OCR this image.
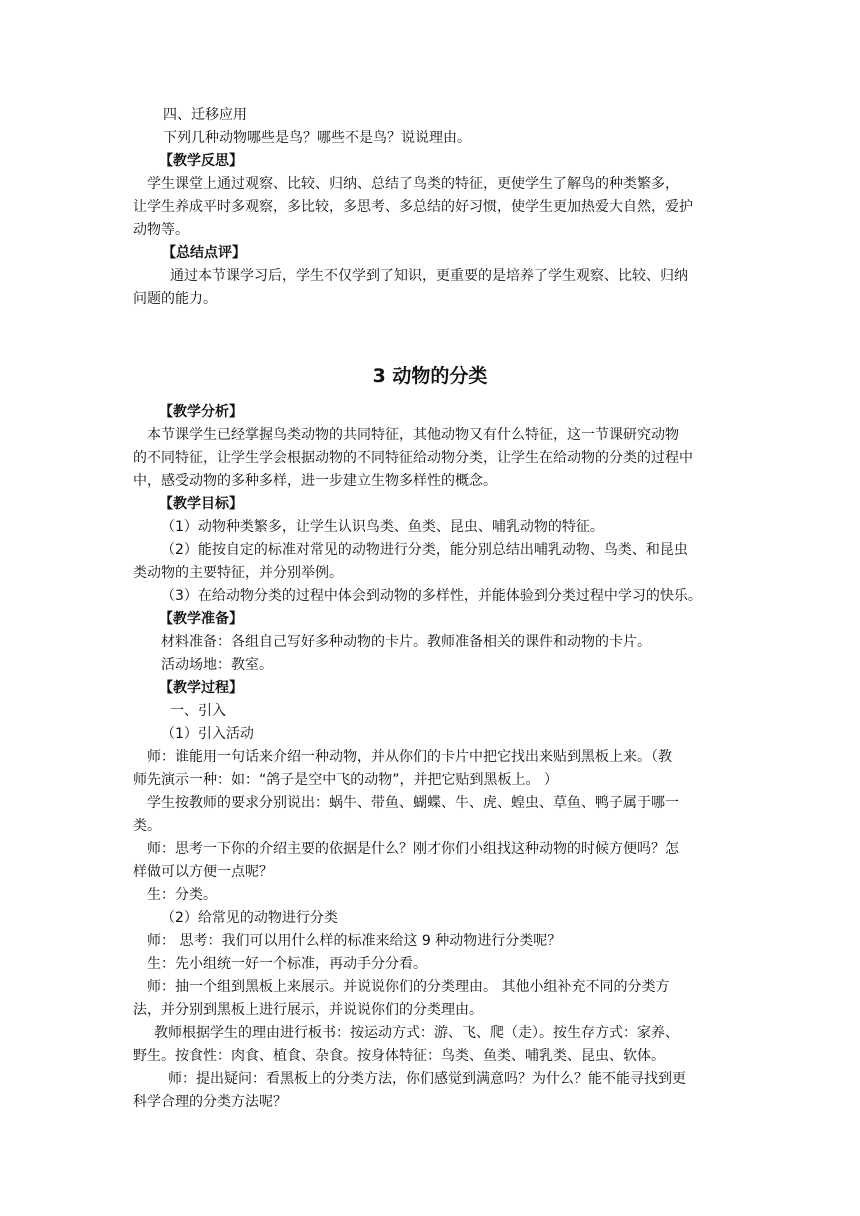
四、迁移应用

下列几种动物哪些是鸟？哪些不是鸟？说说理由。

【教学反思】

学生课堂上通过观察、比较、归纳、总结了鸟类的特征，更使学生了解鸟的种类繁多，

让学生养成平时多观察，多比较，多思考、多总结的好习惯，使学生更加热爱大自然，爱护

动物等。

【总结点评】

通过本节课学习后，学生不仅学到了知识，更重要的是培养了学生观察、比较、归纳

问题的能力。

3 动物的分类

【教学分析】

本节课学生已经掌握鸟类动物的共同特征，其他动物又有什么特征，这一节课研究动物

的不同特征，让学生学会根据动物的不同特征给动物分类，让学生在给动物的分类的过程中

中，感受动物的多种多样，进一步建立生物多样性的概念。

【教学目标】

（1）动物种类繁多，让学生认识鸟类、鱼类、昆虫、哺乳动物的特征。

（2）能按自定的标准对常见的动物进行分类，能分别总结出哺乳动物、鸟类、和昆虫

类动物的主要特征，并分别举例。

（3）在给动物分类的过程中体会到动物的多样性，并能体验到分类过程中学习的快乐。

【教学准备】

材料准备：各组自己写好多种动物的卡片。教师准备相关的课件和动物的卡片。

活动场地：教室。

【教学过程】

一、引入

（1）引入活动

师：谁能用一句话来介绍一种动物，并从你们的卡片中把它找出来贴到黑板上来。（教

师先演示一种：如：“鸽子是空中飞的动物”，并把它贴到黑板上。 ）

学生按教师的要求分别说出：蜗牛、带鱼、蝴蝶、牛、虎、蝗虫、草鱼、鸭子属于哪一

类。

师：思考一下你的介绍主要的依据是什么？刚才你们小组找这种动物的时候方便吗？怎

样做可以方便一点呢？

生：分类。

（2）给常见的动物进行分类

师： 思考：我们可以用什么样的标准来给这 9 种动物进行分类呢？

生：先小组统一好一个标准，再动手分分看。

师：抽一个组到黑板上来展示。并说说你们的分类理由。 其他小组补充不同的分类方

法，并分别到黑板上进行展示，并说说你们的分类理由。

教师根据学生的理由进行板书：按运动方式：游、飞、爬（走）。按生存方式：家养、

野生。按食性：肉食、植食、杂食。按身体特征：鸟类、鱼类、哺乳类、昆虫、软体。

师：提出疑问：看黑板上的分类方法，你们感觉到满意吗？为什么？能不能寻找到更

科学合理的分类方法呢？
